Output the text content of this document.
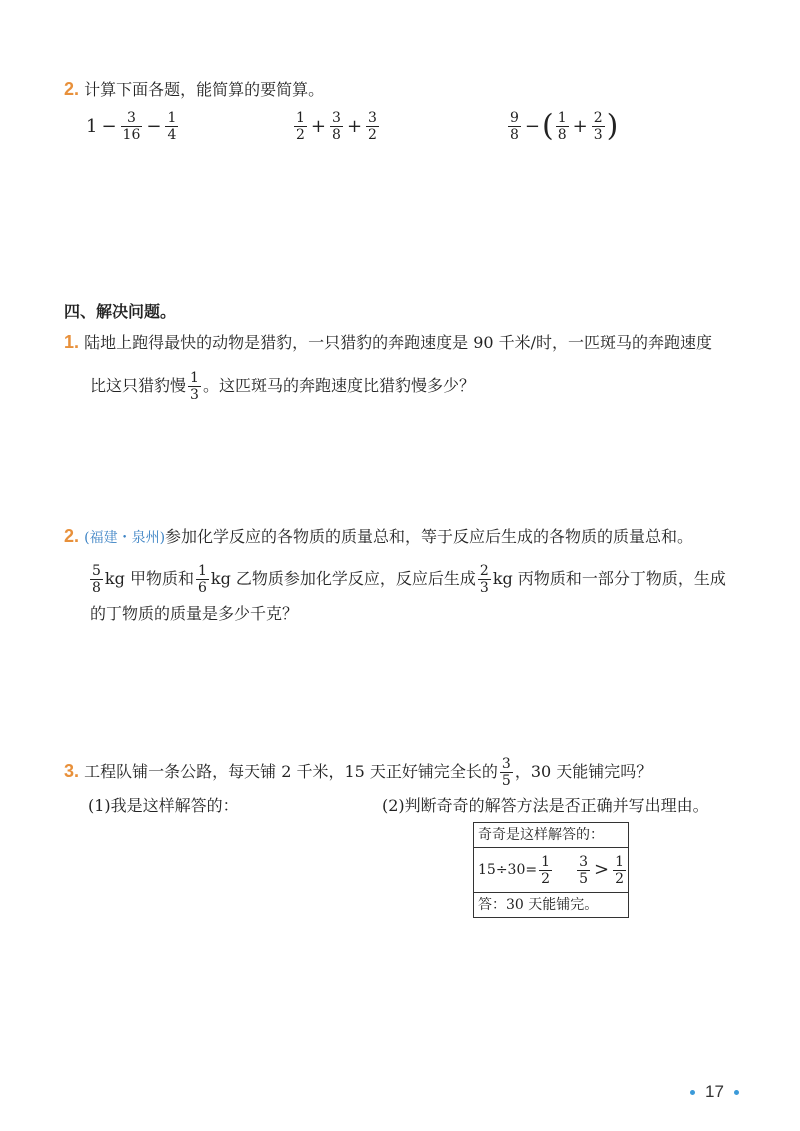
2. 计算下面各题，能简算的要简算。
$1 - \frac{3}{16} - \frac{1}{4}$	$\frac{1}{2} + \frac{3}{8} + \frac{3}{2}$	$\frac{9}{8}$ −( $\frac{1}{8} + \frac{2}{3}$ )
四、解决问题。
1. 陆地上跑得最快的动物是猎豹，一只猎豹的奔跑速度是 90 千米/时，一匹斑马的奔跑速度
比这只猎豹慢 $\frac{1}{3}$ 。这匹斑马的奔跑速度比猎豹慢多少？
2. (福建・泉州)参加化学反应的各物质的质量总和，等于反应后生成的各物质的质量总和。
$\frac{5}{8}$ kg 甲物质和 $\frac{1}{6}$ kg 乙物质参加化学反应，反应后生成 $\frac{2}{3}$ kg 丙物质和一部分丁物质，生成
的丁物质的质量是多少千克？
3. 工程队铺一条公路，每天铺 2 千米，15 天正好铺完全长的 $\frac{3}{5}$ ，30 天能铺完吗？
(1)我是这样解答的：	(2)判断奇奇的解答方法是否正确并写出理由。
奇奇是这样解答的：
$15\div 30= \frac{1}{2} \frac{3}{5} > \frac{1}{2}$
答：30 天能铺完。
17
